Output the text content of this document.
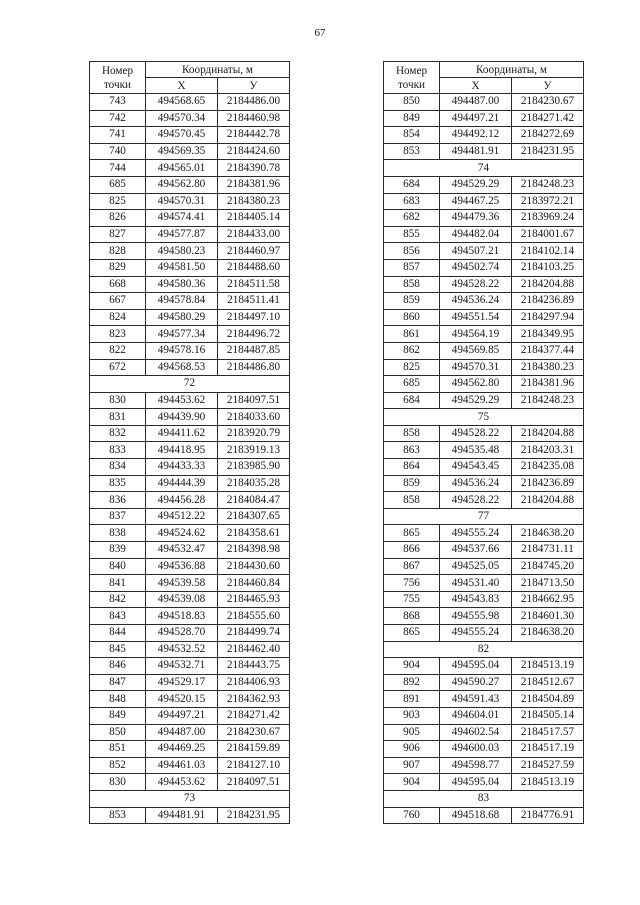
67
Номер
точки	Координаты, м	
	X	У
743	494568.65	2184486.00
742	494570.34	2184460.98
741	494570.45	2184442.78
740	494569.35	2184424.60
744	494565.01	2184390.78
685	494562.80	2184381.96
825	494570.31	2184380.23
826	494574.41	2184405.14
827	494577.87	2184433.00
828	494580.23	2184460.97
829	494581.50	2184488.60
668	494580.36	2184511.58
667	494578.84	2184511.41
824	494580.29	2184497.10
823	494577.34	2184496.72
822	494578.16	2184487.85
672	494568.53	2184486.80
72		
830	494453.62	2184097.51
831	494439.90	2184033.60
832	494411.62	2183920.79
833	494418.95	2183919.13
834	494433.33	2183985.90
835	494444.39	2184035.28
836	494456.28	2184084.47
837	494512.22	2184307.65
838	494524.62	2184358.61
839	494532.47	2184398.98
840	494536.88	2184430.60
841	494539.58	2184460.84
842	494539.08	2184465.93
843	494518.83	2184555.60
844	494528.70	2184499.74
845	494532.52	2184462.40
846	494532.71	2184443.75
847	494529.17	2184406.93
848	494520.15	2184362.93
849	494497.21	2184271.42
850	494487.00	2184230.67
851	494469.25	2184159.89
852	494461.03	2184127.10
830	494453.62	2184097.51
73		
853	494481.91	2184231.95
Номер
точки	Координаты, м	
	X	У
850	494487.00	2184230.67
849	494497.21	2184271.42
854	494492.12	2184272.69
853	494481.91	2184231.95
74		
684	494529.29	2184248.23
683	494467.25	2183972.21
682	494479.36	2183969.24
855	494482.04	2184001.67
856	494507.21	2184102.14
857	494502.74	2184103.25
858	494528.22	2184204.88
859	494536.24	2184236.89
860	494551.54	2184297.94
861	494564.19	2184349.95
862	494569.85	2184377.44
825	494570.31	2184380.23
685	494562.80	2184381.96
684	494529.29	2184248.23
75		
858	494528.22	2184204.88
863	494535.48	2184203.31
864	494543.45	2184235.08
859	494536.24	2184236.89
858	494528.22	2184204.88
77		
865	494555.24	2184638.20
866	494537.66	2184731.11
867	494525.05	2184745.20
756	494531.40	2184713.50
755	494543.83	2184662.95
868	494555.98	2184601.30
865	494555.24	2184638.20
82		
904	494595.04	2184513.19
892	494590.27	2184512.67
891	494591.43	2184504.89
903	494604.01	2184505.14
905	494602.54	2184517.57
906	494600.03	2184517.19
907	494598.77	2184527.59
904	494595.04	2184513.19
83		
760	494518.68	2184776.91
